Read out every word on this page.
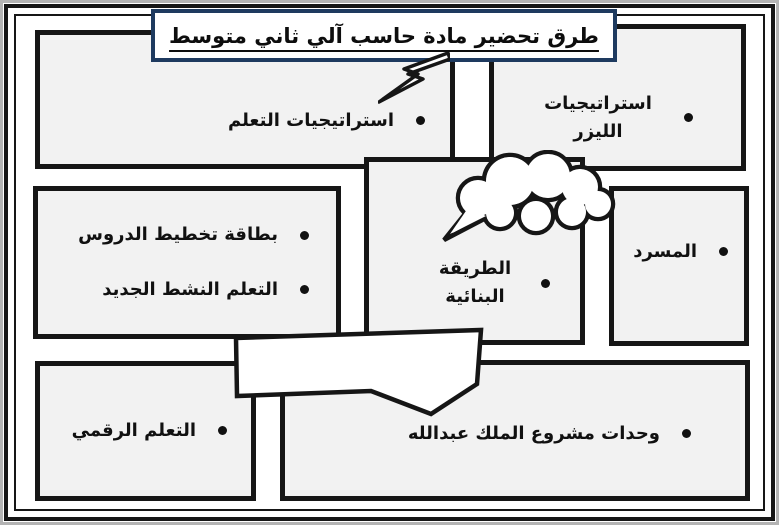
استراتيجيات التعلم
استراتيجيات الليزر
بطاقة تخطيط الدروس
التعلم النشط الجديد
الطريقة البنائية
المسرد
التعلم الرقمي	وحدات مشروع الملك عبدالله
طرق تحضير مادة حاسب آلي ثاني متوسط
